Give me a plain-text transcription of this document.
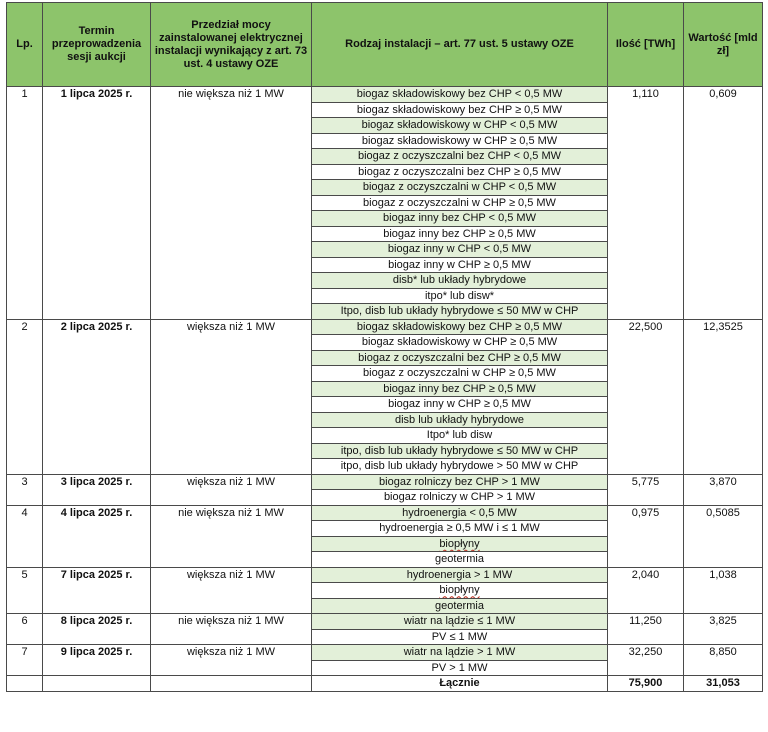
Lp.	Termin przeprowadzenia sesji aukcji	Przedział mocy zainstalowanej elektrycznej instalacji wynikający z art. 73 ust. 4 ustawy OZE	Rodzaj instalacji – art. 77 ust. 5 ustawy OZE	Ilość [TWh]	Wartość [mld zł]
1	1 lipca 2025 r.	nie większa niż 1 MW	biogaz składowiskowy bez CHP < 0,5 MW	1,110	0,609
			biogaz składowiskowy bez CHP ≥ 0,5 MW		
			biogaz składowiskowy w CHP < 0,5 MW		
			biogaz składowiskowy w CHP ≥ 0,5 MW		
			biogaz z oczyszczalni bez CHP < 0,5 MW		
			biogaz z oczyszczalni bez CHP ≥ 0,5 MW		
			biogaz z oczyszczalni w CHP < 0,5 MW		
			biogaz z oczyszczalni w CHP ≥ 0,5 MW		
			biogaz inny bez CHP < 0,5 MW		
			biogaz inny bez CHP ≥ 0,5 MW		
			biogaz inny w CHP < 0,5 MW		
			biogaz inny w CHP ≥ 0,5 MW		
			disb* lub układy hybrydowe		
			itpo* lub disw*		
			Itpo, disb lub układy hybrydowe ≤ 50 MW w CHP		
2	2 lipca 2025 r.	większa niż 1 MW	biogaz składowiskowy bez CHP ≥ 0,5 MW	22,500	12,3525
			biogaz składowiskowy w CHP ≥ 0,5 MW		
			biogaz z oczyszczalni bez CHP ≥ 0,5 MW		
			biogaz z oczyszczalni w CHP ≥ 0,5 MW		
			biogaz inny bez CHP ≥ 0,5 MW		
			biogaz inny w CHP ≥ 0,5 MW		
			disb lub układy hybrydowe		
			Itpo* lub disw		
			itpo, disb lub układy hybrydowe ≤ 50 MW w CHP		
			itpo, disb lub układy hybrydowe > 50 MW w CHP		
3	3 lipca 2025 r.	większa niż 1 MW	biogaz rolniczy bez CHP > 1 MW	5,775	3,870
			biogaz rolniczy w CHP > 1 MW		
4	4 lipca 2025 r.	nie większa niż 1 MW	hydroenergia < 0,5 MW	0,975	0,5085
			hydroenergia ≥ 0,5 MW i ≤ 1 MW		
			biopłyny		
			geotermia		
5	7 lipca 2025 r.	większa niż 1 MW	hydroenergia > 1 MW	2,040	1,038
			biopłyny		
			geotermia		
6	8 lipca 2025 r.	nie większa niż 1 MW	wiatr na lądzie ≤ 1 MW	11,250	3,825
			PV ≤ 1 MW		
7	9 lipca 2025 r.	większa niż 1 MW	wiatr na lądzie > 1 MW	32,250	8,850
			PV > 1 MW		
			Łącznie	75,900	31,053
